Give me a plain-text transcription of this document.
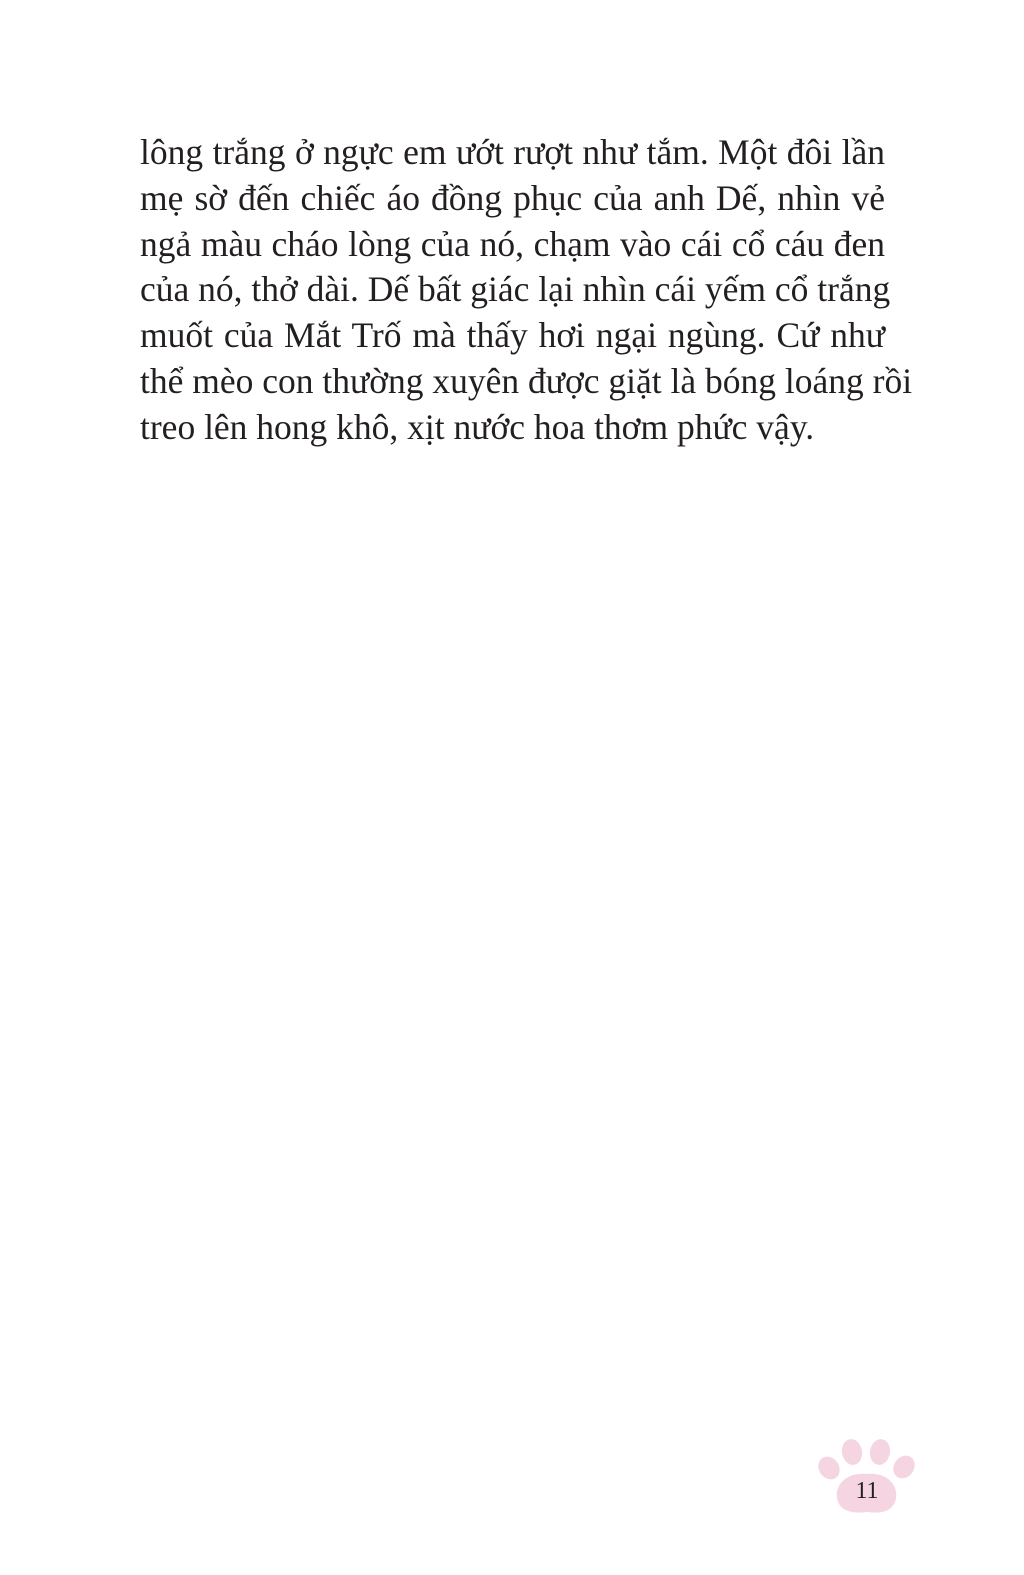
lông trắng ở ngực em ướt rượt như tắm. Một đôi lần
mẹ sờ đến chiếc áo đồng phục của anh Dế, nhìn vẻ
ngả màu cháo lòng của nó, chạm vào cái cổ cáu đen
của nó, thở dài. Dế bất giác lại nhìn cái yếm cổ trắng
muốt của Mắt Trố mà thấy hơi ngại ngùng. Cứ như
thể mèo con thường xuyên được giặt là bóng loáng rồi
treo lên hong khô, xịt nước hoa thơm phức vậy.
11
